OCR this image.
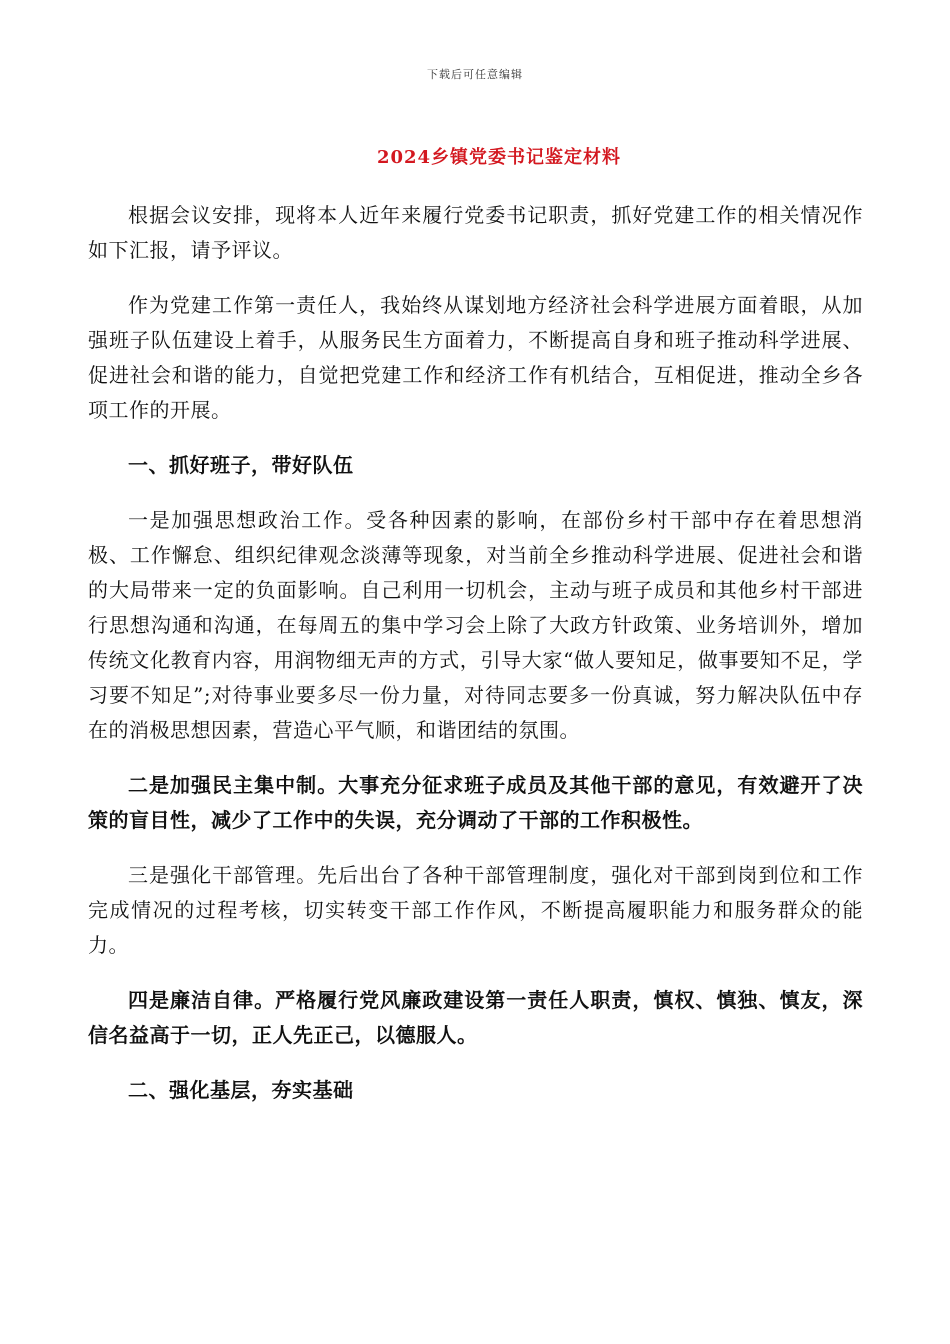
下载后可任意编辑
2024乡镇党委书记鉴定材料

根据会议安排，现将本人近年来履行党委书记职责，抓好党建工作的相关情况作如下汇报，请予评议。

作为党建工作第一责任人，我始终从谋划地方经济社会科学进展方面着眼，从加强班子队伍建设上着手，从服务民生方面着力，不断提高自身和班子推动科学进展、促进社会和谐的能力，自觉把党建工作和经济工作有机结合，互相促进，推动全乡各项工作的开展。

一、抓好班子，带好队伍

一是加强思想政治工作。受各种因素的影响，在部份乡村干部中存在着思想消极、工作懈怠、组织纪律观念淡薄等现象，对当前全乡推动科学进展、促进社会和谐的大局带来一定的负面影响。自己利用一切机会，主动与班子成员和其他乡村干部进行思想沟通和沟通，在每周五的集中学习会上除了大政方针政策、业务培训外，增加传统文化教育内容，用润物细无声的方式，引导大家“做人要知足，做事要知不足，学习要不知足”;对待事业要多尽一份力量，对待同志要多一份真诚，努力解决队伍中存在的消极思想因素，营造心平气顺，和谐团结的氛围。

二是加强民主集中制。大事充分征求班子成员及其他干部的意见，有效避开了决策的盲目性，减少了工作中的失误，充分调动了干部的工作积极性。

三是强化干部管理。先后出台了各种干部管理制度，强化对干部到岗到位和工作完成情况的过程考核，切实转变干部工作作风，不断提高履职能力和服务群众的能力。

四是廉洁自律。严格履行党风廉政建设第一责任人职责，慎权、慎独、慎友，深信名益高于一切，正人先正己，以德服人。

二、强化基层，夯实基础
